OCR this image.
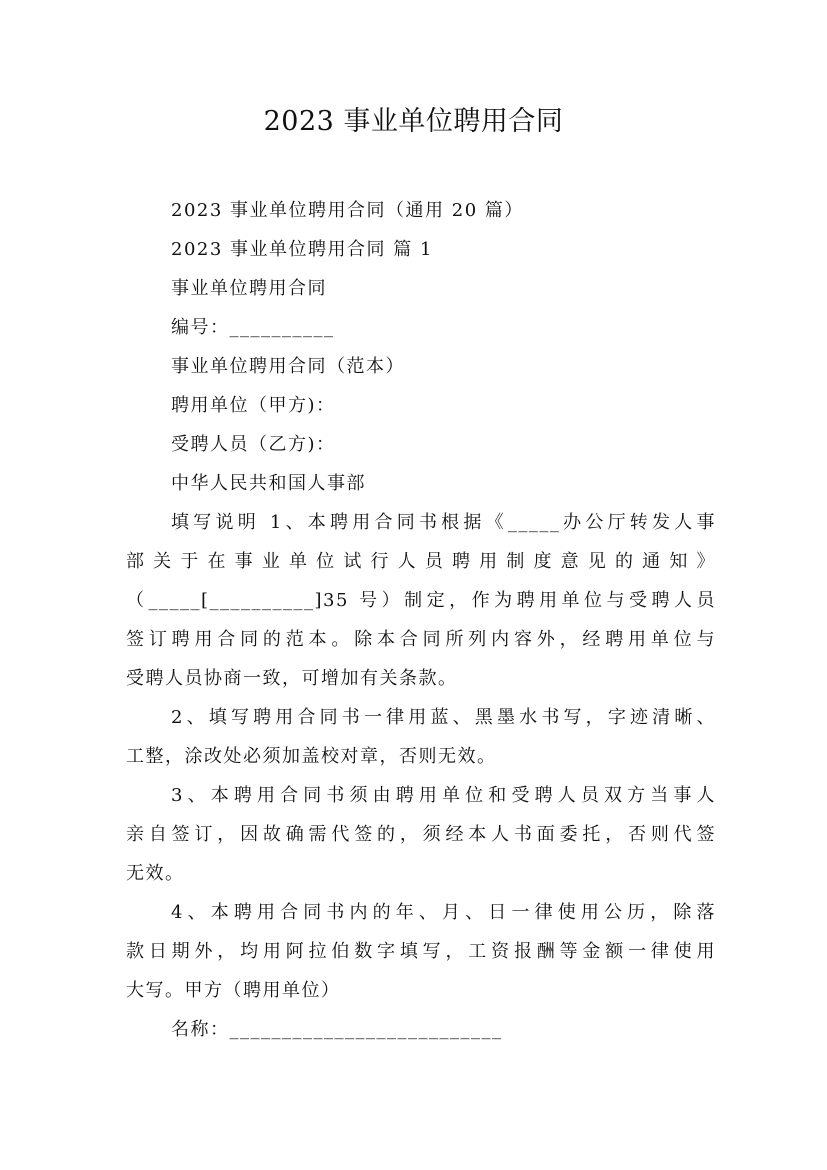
2023 事业单位聘用合同

2023 事业单位聘用合同（通用 20 篇）

2023 事业单位聘用合同 篇 1

事业单位聘用合同

编号：__________

事业单位聘用合同（范本）

聘用单位（甲方)：

受聘人员（乙方)：

中华人民共和国人事部

填写说明 1、本聘用合同书根据《_____办公厅转发人事

部关于在事业单位试行人员聘用制度意见的通知》

（_____[__________]35 号）制定，作为聘用单位与受聘人员

签订聘用合同的范本。除本合同所列内容外，经聘用单位与

受聘人员协商一致，可增加有关条款。

2、填写聘用合同书一律用蓝、黑墨水书写，字迹清晰、

工整，涂改处必须加盖校对章，否则无效。

3、本聘用合同书须由聘用单位和受聘人员双方当事人

亲自签订，因故确需代签的，须经本人书面委托，否则代签

无效。

4、本聘用合同书内的年、月、日一律使用公历，除落

款日期外，均用阿拉伯数字填写，工资报酬等金额一律使用

大写。甲方（聘用单位）

名称：__________________________
